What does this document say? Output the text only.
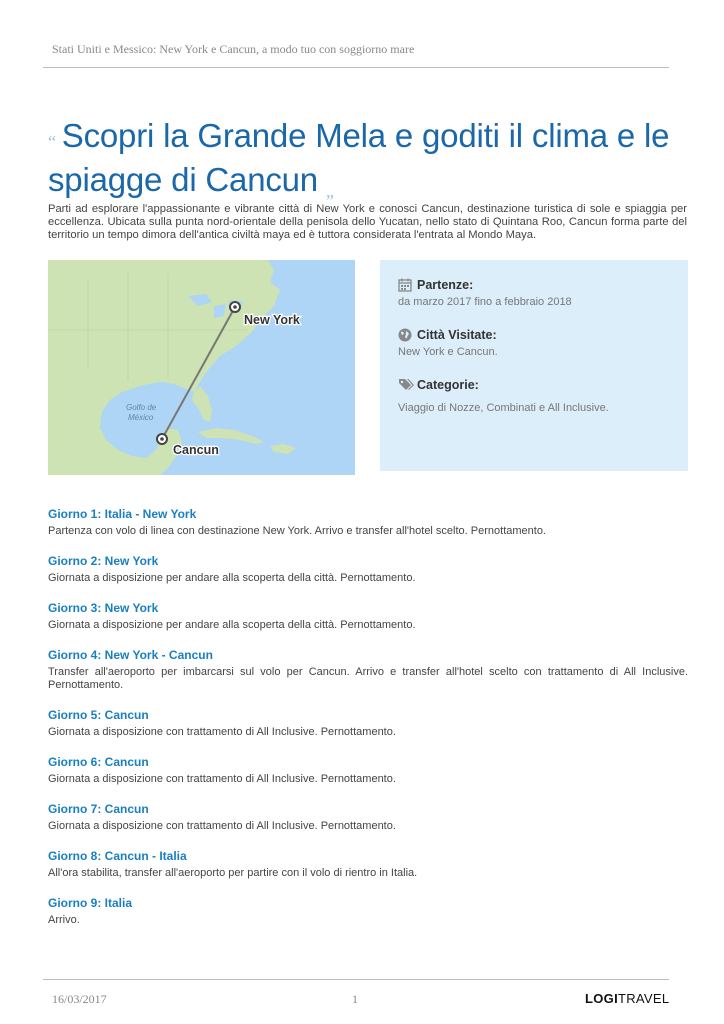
Stati Uniti e Messico: New York e Cancun, a modo tuo con soggiorno mare
“ Scopri la Grande Mela e goditi il clima e le spiagge di Cancun $_„$

Parti ad esplorare l'appassionante e vibrante città di New York e conosci Cancun, destinazione turistica di sole e spiaggia per eccellenza. Ubicata sulla punta nord-orientale della penisola dello Yucatan, nello stato di Quintana Roo, Cancun forma parte del territorio un tempo dimora dell'antica civiltà maya ed è tuttora considerata l'entrata al Mondo Maya.

New York
Cancun
Golfo de
México
Partenze:
da marzo 2017 fino a febbraio 2018
Città Visitate:
New York e Cancun.
Categorie:
Viaggio di Nozze, Combinati e All Inclusive.

Giorno 1: Italia - New York

Partenza con volo di linea con destinazione New York. Arrivo e transfer all'hotel scelto. Pernottamento.

Giorno 2: New York

Giornata a disposizione per andare alla scoperta della città. Pernottamento.

Giorno 3: New York

Giornata a disposizione per andare alla scoperta della città. Pernottamento.

Giorno 4: New York - Cancun

Transfer all'aeroporto per imbarcarsi sul volo per Cancun. Arrivo e transfer all'hotel scelto con trattamento di All Inclusive. Pernottamento.

Giorno 5: Cancun

Giornata a disposizione con trattamento di All Inclusive. Pernottamento.

Giorno 6: Cancun

Giornata a disposizione con trattamento di All Inclusive. Pernottamento.

Giorno 7: Cancun

Giornata a disposizione con trattamento di All Inclusive. Pernottamento.

Giorno 8: Cancun - Italia

All'ora stabilita, transfer all'aeroporto per partire con il volo di rientro in Italia.

Giorno 9: Italia

Arrivo.

16/03/2017	1	LOGITRAVEL
